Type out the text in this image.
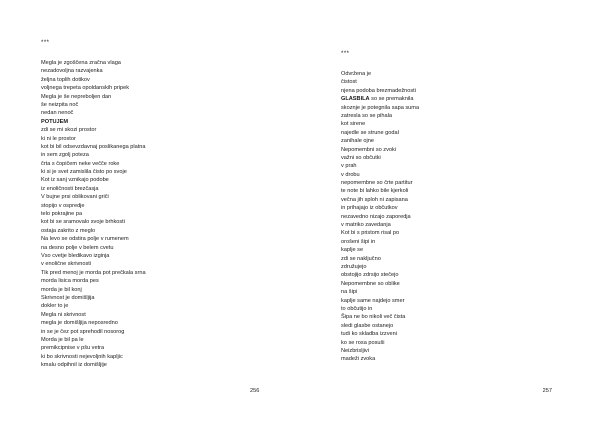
***
Megla je zgoščena zračna vlaga
nezadovoljna razvajenka
željna toplih dotikov
voljnega trepeta opoldanskih pripek
Megla je še nepreboljen dan
še neizpita noč
nedan nenoč
POTUJEM
zdi se mi skozi prostor
ki ni le prostor
kot bi bil odsevzdavnaj poslikanega platna
in sem zgolj poteza
črta s čopičem neke večče roke
ki si je svet zamislila čisto po svoje
Kot iz sanj vznikajo podobe
iz enoličnosti brezčasja
V bujne prsi oblikovani griči
stopijo v ospredje
telo pokrajine pa
kot bi se sramovalo svoje brhkosti
ostaja zakrito z meglo
Na levo se odstira polje v rumenem
na desno polje v belem cvetu
Vso cvetje bledikavo izginja
v enolične skrivnosti
Tik pred menoj je morda pot prečkala srna
morda lisica morda pes
morda je bil konj
Skrivnost je domišljija
dokler to je
Megla ni skrivnost
megla je domišljija neposredno
in se je čez pot sprehodil nosorog
Morda je bil pa le
premikcipnise v pšu vetra
ki bo skrivnosti nejevoljnih kapljic
kmalu odpihnil iz domišljije
256
***
Odvržena je
čistost
njena podoba brezmadežnosti
GLASBILA so se premaknila
skoznje je potegnila sapa suma
zatresla so se pihala
kot sirene
najedle se strune godal
zanihale ojne
Nepomembni so zvoki
važni so občutki
v prah
v drobu
nepomembne so črte partitur
te note bi lahko bile kjerkoli
večna jih sploh ni zapisana
in prihajajo iz občutkov
nezavedno nizajo zaporedja
v matriko zavedanja
Kot bi s pristom risal po
orošeni šipi in
kaplje se
zdi se naključno
združujejo
obstojijo zdrsijo stečejo
Nepomembne so oblike
na šipi
kaplje same najdejo smer
to občutijo in
Šipa ne bo nikoli več čista
sledi glasbe ostanejo
tudi ko skladba izzveni
ko se rosa posuši
Neizbrisljivi
madeži zvoka
257
